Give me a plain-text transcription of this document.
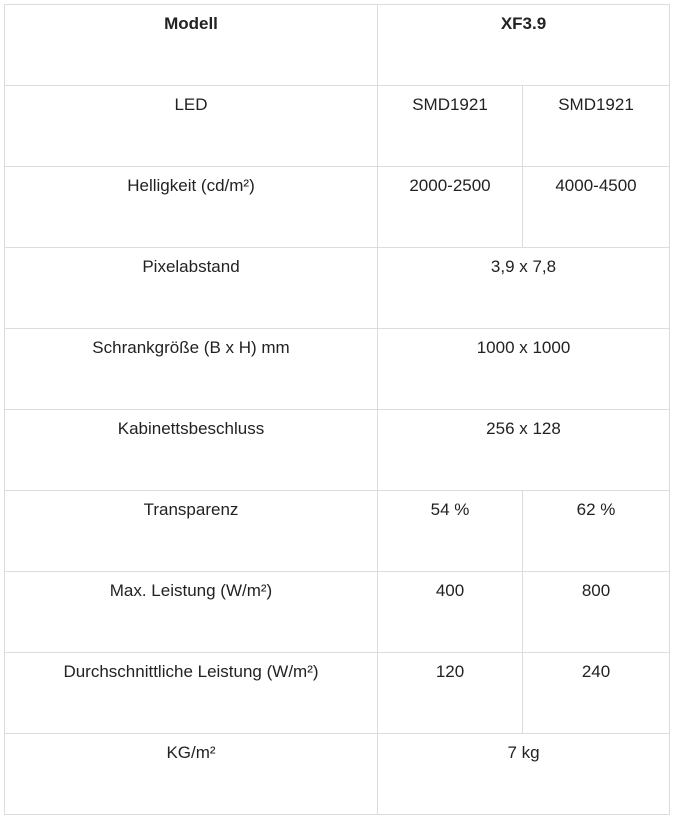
Modell	XF3.9	

LED	SMD1921	SMD1921

Helligkeit (cd/m²)	2000-2500	4000-4500

Pixelabstand	3,9 x 7,8	

Schrankgröße (B x H) mm	1000 x 1000	

Kabinettsbeschluss	256 x 128	

Transparenz	54 %	62 %

Max. Leistung (W/m²)	400	800

Durchschnittliche Leistung (W/m²)	120	240

KG/m²	7 kg	
